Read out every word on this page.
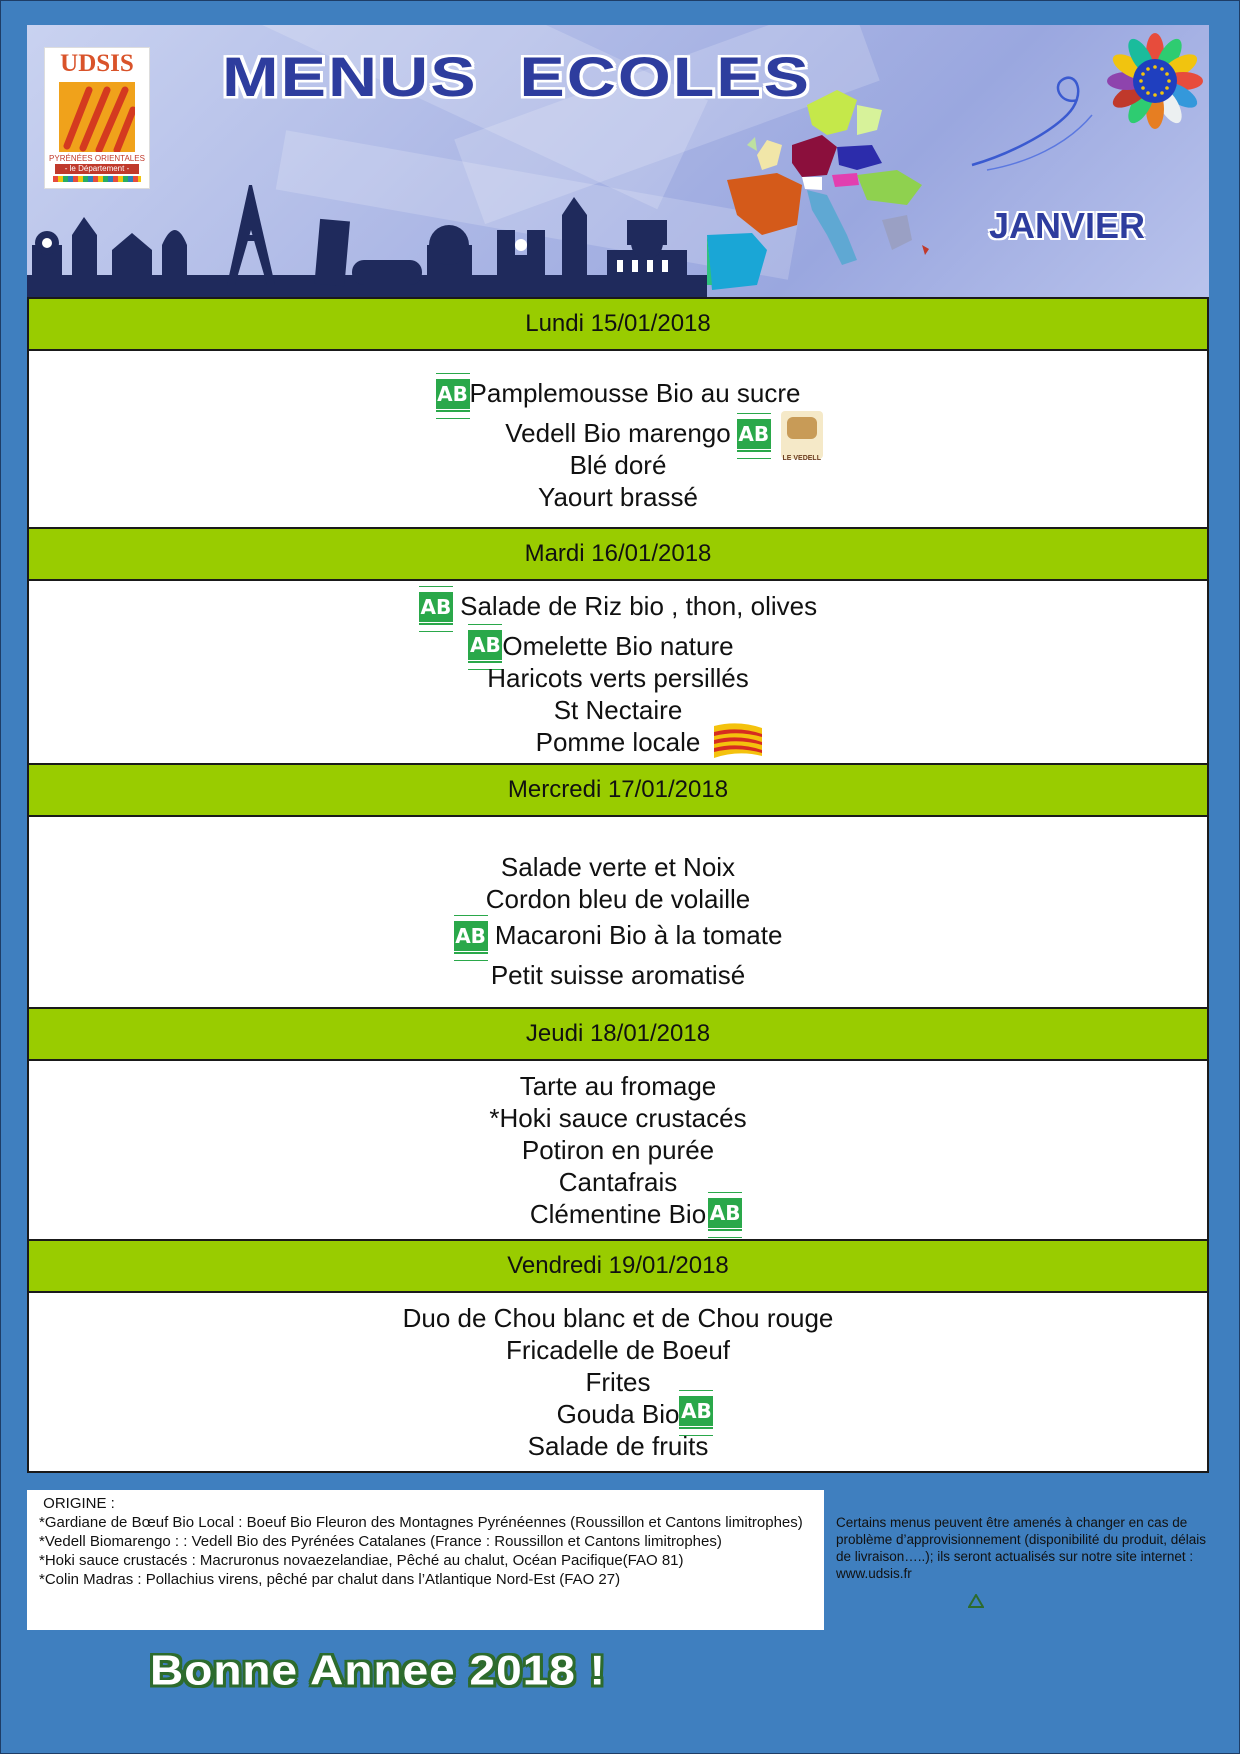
UDSIS
PYRÉNÉES ORIENTALES
- le Département -
MENUS  ECOLES
JANVIER
Lundi 15/01/2018
AB Pamplemousse Bio au sucre
Vedell Bio marengo AB
LE VEDELL
Blé doré
Yaourt brassé
Mardi 16/01/2018
AB Salade de Riz bio , thon, olives
AB Omelette Bio nature
Haricots verts persillés
St Nectaire
Pomme locale
Mercredi 17/01/2018
Salade verte et Noix
Cordon bleu de volaille
AB Macaroni Bio à la tomate
Petit suisse aromatisé
Jeudi 18/01/2018
Tarte au fromage
*Hoki sauce crustacés
Potiron en purée
Cantafrais
Clémentine Bio AB
Vendredi 19/01/2018
Duo de Chou blanc et de Chou rouge
Fricadelle de Boeuf
Frites
Gouda Bio AB
Salade de fruits
ORIGINE :
*Gardiane de Bœuf Bio Local : Boeuf Bio Fleuron des Montagnes Pyrénéennes (Roussillon et Cantons limitrophes)
*Vedell Biomarengo : : Vedell Bio des Pyrénées Catalanes (France : Roussillon et Cantons limitrophes)
*Hoki sauce crustacés : Macruronus novaezelandiae, Pêché au chalut, Océan Pacifique(FAO 81)
*Colin Madras : Pollachius virens, pêché par chalut dans l’Atlantique Nord-Est (FAO 27)
Certains menus peuvent être amenés à changer en cas de problème d’approvisionnement (disponibilité du produit, délais de livraison…..); ils seront actualisés sur notre site internet : www.udsis.fr
Bonne Annee 2018 !
